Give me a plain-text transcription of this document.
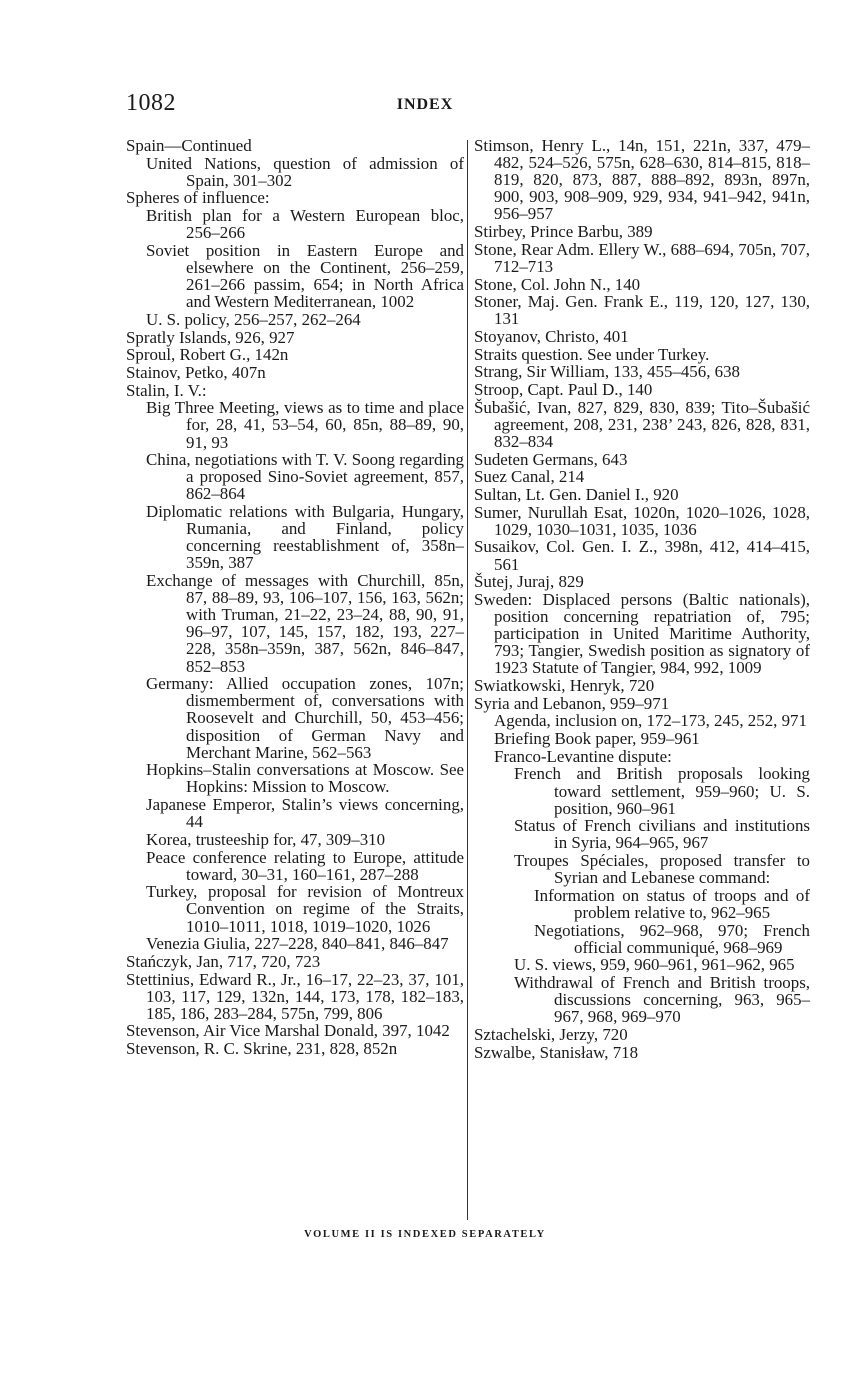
1082	INDEX

Spain—Continued

United Nations, question of admission of Spain, 301–302

Spheres of influence:

British plan for a Western European bloc, 256–266

Soviet position in Eastern Europe and elsewhere on the Continent, 256–259, 261–266 passim, 654; in North Africa and Western Mediterranean, 1002

U. S. policy, 256–257, 262–264

Spratly Islands, 926, 927

Sproul, Robert G., 142n

Stainov, Petko, 407n

Stalin, I. V.:

Big Three Meeting, views as to time and place for, 28, 41, 53–54, 60, 85n, 88–89, 90, 91, 93

China, negotiations with T. V. Soong regarding a proposed Sino-Soviet agreement, 857, 862–864

Diplomatic relations with Bulgaria, Hungary, Rumania, and Finland, policy concerning reestablishment of, 358n–359n, 387

Exchange of messages with Churchill, 85n, 87, 88–89, 93, 106–107, 156, 163, 562n; with Truman, 21–22, 23–24, 88, 90, 91, 96–97, 107, 145, 157, 182, 193, 227–228, 358n–359n, 387, 562n, 846–847, 852–853

Germany: Allied occupation zones, 107n; dismemberment of, conversations with Roosevelt and Churchill, 50, 453–456; disposition of German Navy and Merchant Marine, 562–563

Hopkins–Stalin conversations at Moscow. See Hopkins: Mission to Moscow.

Japanese Emperor, Stalin’s views concerning, 44

Korea, trusteeship for, 47, 309–310

Peace conference relating to Europe, attitude toward, 30–31, 160–161, 287–288

Turkey, proposal for revision of Montreux Convention on regime of the Straits, 1010–1011, 1018, 1019–1020, 1026

Venezia Giulia, 227–228, 840–841, 846–847

Stańczyk, Jan, 717, 720, 723

Stettinius, Edward R., Jr., 16–17, 22–23, 37, 101, 103, 117, 129, 132n, 144, 173, 178, 182–183, 185, 186, 283–284, 575n, 799, 806

Stevenson, Air Vice Marshal Donald, 397, 1042

Stevenson, R. C. Skrine, 231, 828, 852n

Stimson, Henry L., 14n, 151, 221n, 337, 479–482, 524–526, 575n, 628–630, 814–815, 818–819, 820, 873, 887, 888–892, 893n, 897n, 900, 903, 908–909, 929, 934, 941–942, 941n, 956–957

Stirbey, Prince Barbu, 389

Stone, Rear Adm. Ellery W., 688–694, 705n, 707, 712–713

Stone, Col. John N., 140

Stoner, Maj. Gen. Frank E., 119, 120, 127, 130, 131

Stoyanov, Christo, 401

Straits question. See under Turkey.

Strang, Sir William, 133, 455–456, 638

Stroop, Capt. Paul D., 140

Šubašić, Ivan, 827, 829, 830, 839; Tito–Šubašić agreement, 208, 231, 238’ 243, 826, 828, 831, 832–834

Sudeten Germans, 643

Suez Canal, 214

Sultan, Lt. Gen. Daniel I., 920

Sumer, Nurullah Esat, 1020n, 1020–1026, 1028, 1029, 1030–1031, 1035, 1036

Susaikov, Col. Gen. I. Z., 398n, 412, 414–415, 561

Šutej, Juraj, 829

Sweden: Displaced persons (Baltic nationals), position concerning repatriation of, 795; participation in United Maritime Authority, 793; Tangier, Swedish position as signatory of 1923 Statute of Tangier, 984, 992, 1009

Swiatkowski, Henryk, 720

Syria and Lebanon, 959–971

Agenda, inclusion on, 172–173, 245, 252, 971

Briefing Book paper, 959–961

Franco-Levantine dispute:

French and British proposals looking toward settlement, 959–960; U. S. position, 960–961

Status of French civilians and institutions in Syria, 964–965, 967

Troupes Spéciales, proposed transfer to Syrian and Lebanese command:

Information on status of troops and of problem relative to, 962–965

Negotiations, 962–968, 970; French official communiqué, 968–969

U. S. views, 959, 960–961, 961–962, 965

Withdrawal of French and British troops, discussions concerning, 963, 965–967, 968, 969–970

Sztachelski, Jerzy, 720

Szwalbe, Stanisław, 718

VOLUME II IS INDEXED SEPARATELY
